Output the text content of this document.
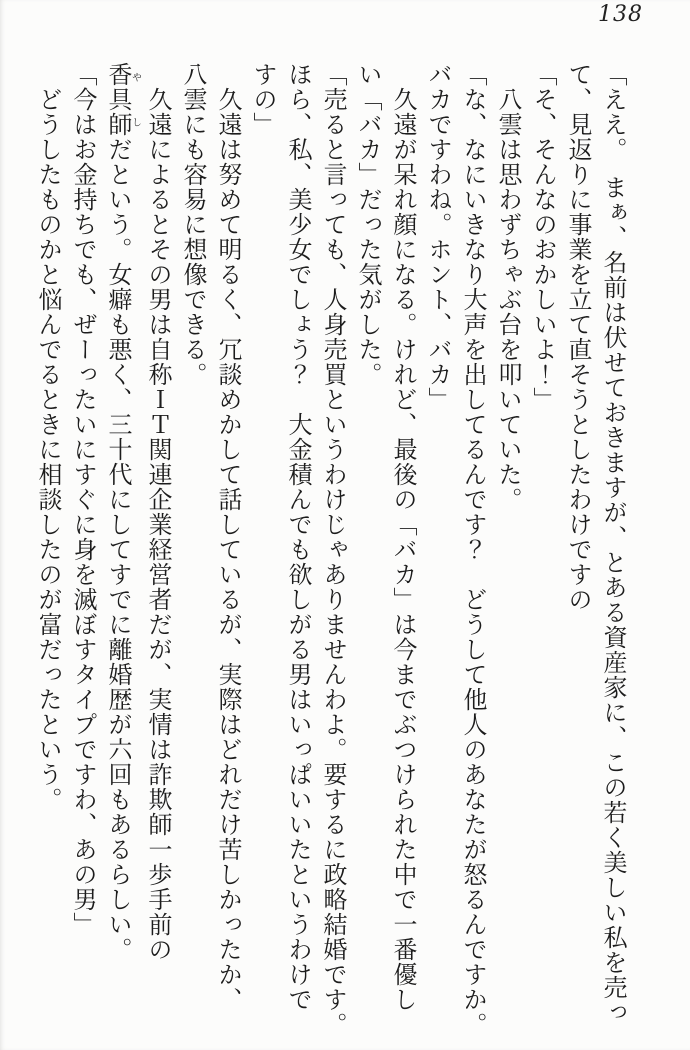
138
「ええ。　まぁ、名前は伏せておきますが、とある資産家に、この若く美しい私を売っ
て、見返りに事業を立て直そうとしたわけですの
「そ、そんなのおかしいよ！」
　八雲は思わずちゃぶ台を叩いていた。
「な、なにいきなり大声を出してるんです？　どうして他人のあなたが怒るんですか。
バカですわね。ホント、バカ」
　久遠が呆れ顔になる。けれど、最後の「バカ」は今までぶつけられた中で一番優し
い「バカ」だった気がした。
「売ると言っても、人身売買というわけじゃありませんわよ。要するに政略結婚です。
ほら、私、美少女でしょう？　大金積んでも欲しがる男はいっぱいいたというわけで
すの」
　久遠は努めて明るく、冗談めかして話しているが、実際はどれだけ苦しかったか、
八雲にも容易に想像できる。
　久遠によるとその男は自称ＩＴ関連企業経営者だが、実情は詐欺師一歩手前の
香具師やしだという。女癖も悪く、三十代にしてすでに離婚歴が六回もあるらしい。
「今はお金持ちでも、ぜーったいにすぐに身を滅ぼすタイプですわ、あの男」
　どうしたものかと悩んでるときに相談したのが富だったという。
